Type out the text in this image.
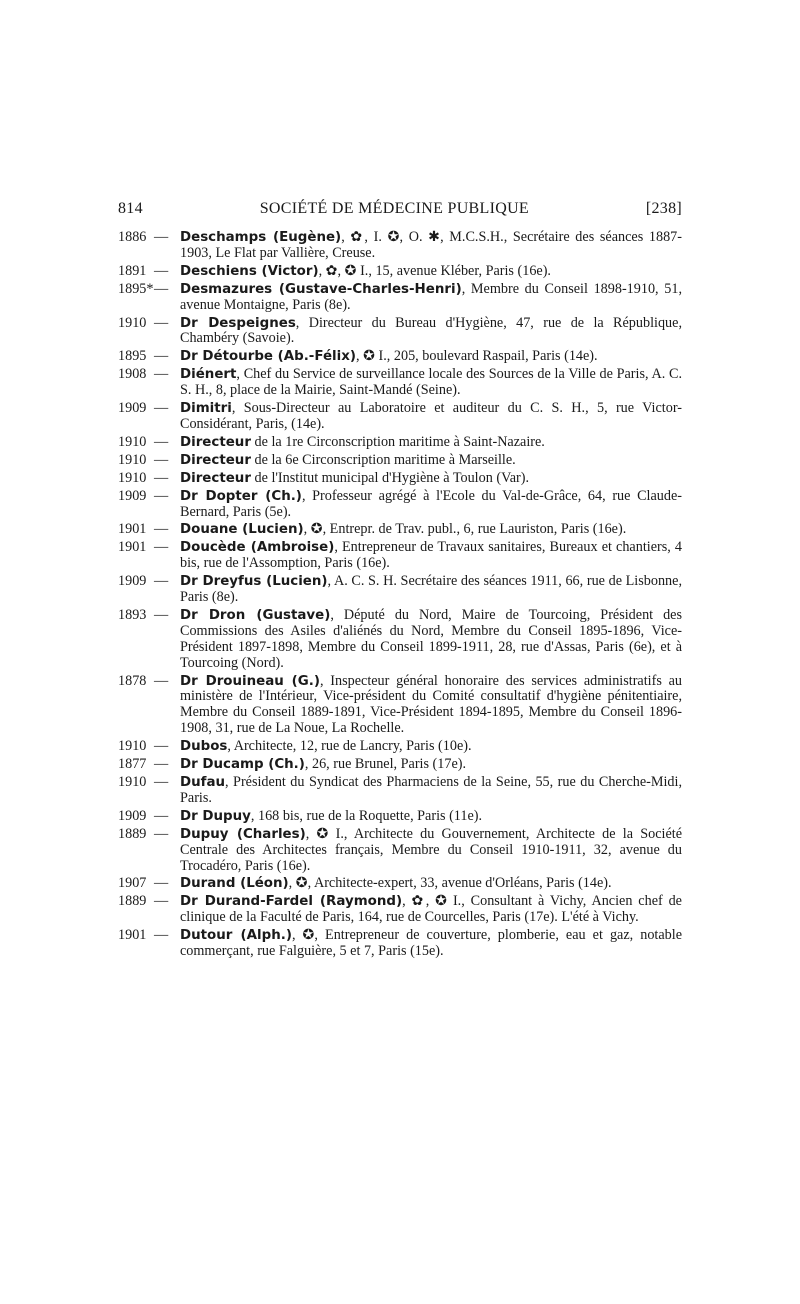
814	SOCIÉTÉ DE MÉDECINE PUBLIQUE	[238]
1886 — Deschamps (Eugène), ✿, I. ✪, O. ✱, M.C.S.H., Secrétaire des séances 1887-1903, Le Flat par Vallière, Creuse.
1891 — Deschiens (Victor), ✿, ✪ I., 15, avenue Kléber, Paris (16e).
1895* — Desmazures (Gustave-Charles-Henri), Membre du Conseil 1898-1910, 51, avenue Montaigne, Paris (8e).
1910 — Dr Despeignes, Directeur du Bureau d'Hygiène, 47, rue de la République, Chambéry (Savoie).
1895 — Dr Détourbe (Ab.-Félix), ✪ I., 205, boulevard Raspail, Paris (14e).
1908 — Diénert, Chef du Service de surveillance locale des Sources de la Ville de Paris, A. C. S. H., 8, place de la Mairie, Saint-Mandé (Seine).
1909 — Dimitri, Sous-Directeur au Laboratoire et auditeur du C. S. H., 5, rue Victor-Considérant, Paris, (14e).
1910 — Directeur de la 1re Circonscription maritime à Saint-Nazaire.
1910 — Directeur de la 6e Circonscription maritime à Marseille.
1910 — Directeur de l'Institut municipal d'Hygiène à Toulon (Var).
1909 — Dr Dopter (Ch.), Professeur agrégé à l'Ecole du Val-de-Grâce, 64, rue Claude-Bernard, Paris (5e).
1901 — Douane (Lucien), ✪, Entrepr. de Trav. publ., 6, rue Lauriston, Paris (16e).
1901 — Doucède (Ambroise), Entrepreneur de Travaux sanitaires, Bureaux et chantiers, 4 bis, rue de l'Assomption, Paris (16e).
1909 — Dr Dreyfus (Lucien), A. C. S. H. Secrétaire des séances 1911, 66, rue de Lisbonne, Paris (8e).
1893 — Dr Dron (Gustave), Député du Nord, Maire de Tourcoing, Président des Commissions des Asiles d'aliénés du Nord, Membre du Conseil 1895-1896, Vice-Président 1897-1898, Membre du Conseil 1899-1911, 28, rue d'Assas, Paris (6e), et à Tourcoing (Nord).
1878 — Dr Drouineau (G.), Inspecteur général honoraire des services administratifs au ministère de l'Intérieur, Vice-président du Comité consultatif d'hygiène pénitentiaire, Membre du Conseil 1889-1891, Vice-Président 1894-1895, Membre du Conseil 1896-1908, 31, rue de La Noue, La Rochelle.
1910 — Dubos, Architecte, 12, rue de Lancry, Paris (10e).
1877 — Dr Ducamp (Ch.), 26, rue Brunel, Paris (17e).
1910 — Dufau, Président du Syndicat des Pharmaciens de la Seine, 55, rue du Cherche-Midi, Paris.
1909 — Dr Dupuy, 168 bis, rue de la Roquette, Paris (11e).
1889 — Dupuy (Charles), ✪ I., Architecte du Gouvernement, Architecte de la Société Centrale des Architectes français, Membre du Conseil 1910-1911, 32, avenue du Trocadéro, Paris (16e).
1907 — Durand (Léon), ✪, Architecte-expert, 33, avenue d'Orléans, Paris (14e).
1889 — Dr Durand-Fardel (Raymond), ✿, ✪ I., Consultant à Vichy, Ancien chef de clinique de la Faculté de Paris, 164, rue de Courcelles, Paris (17e). L'été à Vichy.
1901 — Dutour (Alph.), ✪, Entrepreneur de couverture, plomberie, eau et gaz, notable commerçant, rue Falguière, 5 et 7, Paris (15e).
